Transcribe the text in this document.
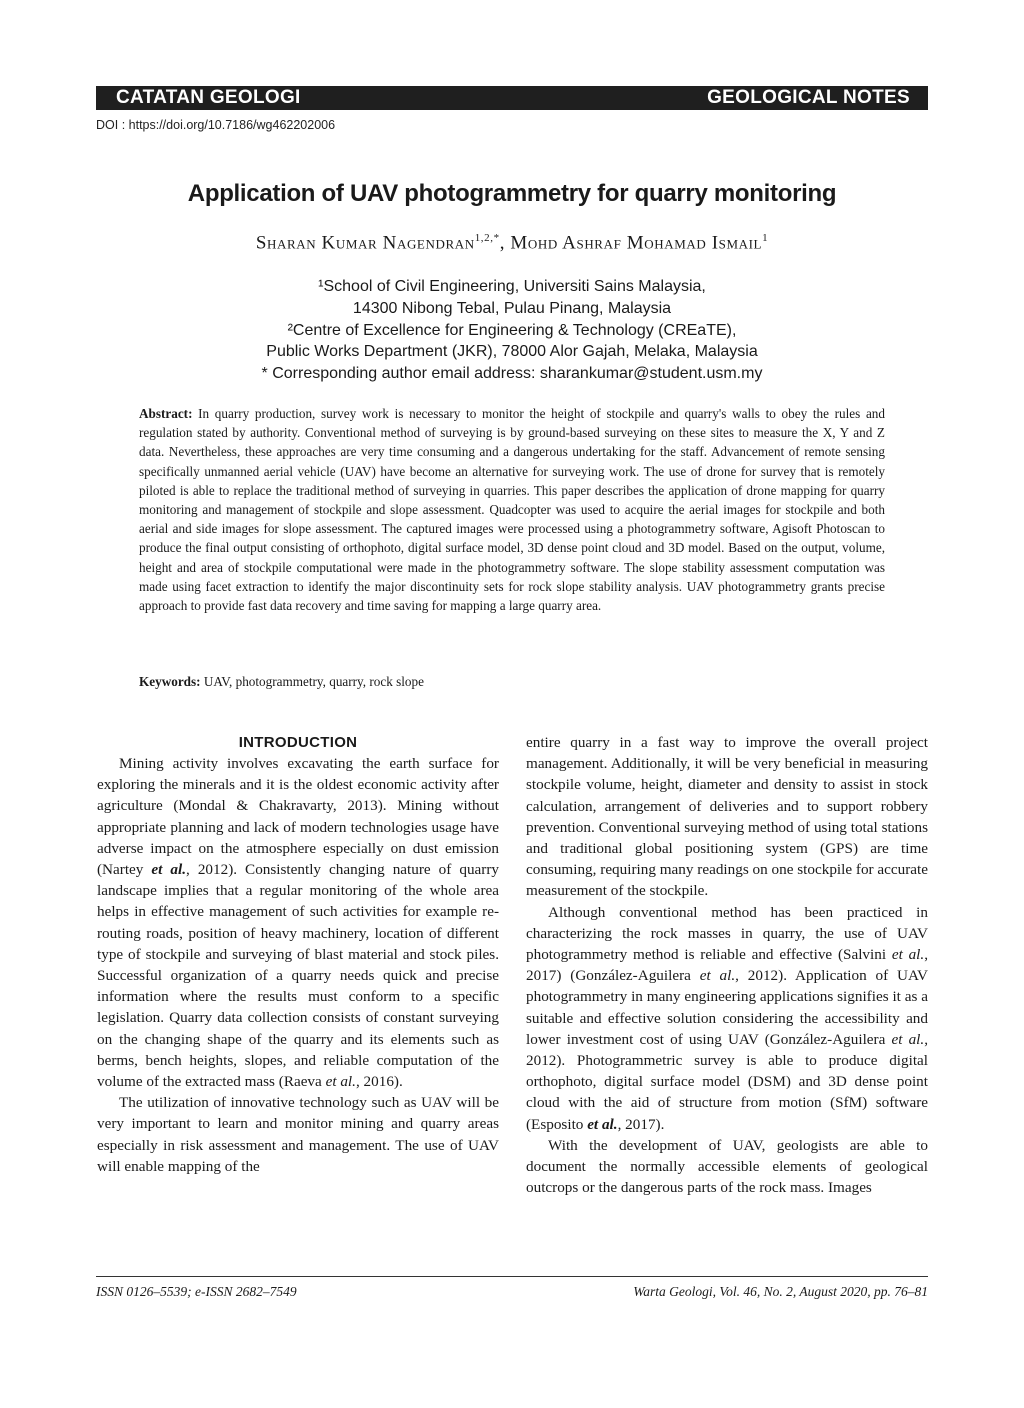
CATATAN GEOLOGI	GEOLOGICAL NOTES
DOI : https://doi.org/10.7186/wg462202006
Application of UAV photogrammetry for quarry monitoring
Sharan Kumar Nagendran$^{1,2,*}$, Mohd Ashraf Mohamad Ismail$^1$
¹School of Civil Engineering, Universiti Sains Malaysia,
14300 Nibong Tebal, Pulau Pinang, Malaysia
²Centre of Excellence for Engineering & Technology (CREaTE),
Public Works Department (JKR), 78000 Alor Gajah, Melaka, Malaysia
* Corresponding author email address: sharankumar@student.usm.my
Abstract: In quarry production, survey work is necessary to monitor the height of stockpile and quarry's walls to obey the rules and regulation stated by authority. Conventional method of surveying is by ground-based surveying on these sites to measure the X, Y and Z data. Nevertheless, these approaches are very time consuming and a dangerous undertaking for the staff. Advancement of remote sensing specifically unmanned aerial vehicle (UAV) have become an alternative for surveying work. The use of drone for survey that is remotely piloted is able to replace the traditional method of surveying in quarries. This paper describes the application of drone mapping for quarry monitoring and management of stockpile and slope assessment. Quadcopter was used to acquire the aerial images for stockpile and both aerial and side images for slope assessment. The captured images were processed using a photogrammetry software, Agisoft Photoscan to produce the final output consisting of orthophoto, digital surface model, 3D dense point cloud and 3D model. Based on the output, volume, height and area of stockpile computational were made in the photogrammetry software. The slope stability assessment computation was made using facet extraction to identify the major discontinuity sets for rock slope stability analysis. UAV photogrammetry grants precise approach to provide fast data recovery and time saving for mapping a large quarry area.
Keywords: UAV, photogrammetry, quarry, rock slope
INTRODUCTION

Mining activity involves excavating the earth surface for exploring the minerals and it is the oldest economic activity after agriculture (Mondal & Chakravarty, 2013). Mining without appropriate planning and lack of modern technologies usage have adverse impact on the atmosphere especially on dust emission (Nartey et al., 2012). Consistently changing nature of quarry landscape implies that a regular monitoring of the whole area helps in effective management of such activities for example re-routing roads, position of heavy machinery, location of different type of stockpile and surveying of blast material and stock piles. Successful organization of a quarry needs quick and precise information where the results must conform to a specific legislation. Quarry data collection consists of constant surveying on the changing shape of the quarry and its elements such as berms, bench heights, slopes, and reliable computation of the volume of the extracted mass (Raeva et al., 2016).

The utilization of innovative technology such as UAV will be very important to learn and monitor mining and quarry areas especially in risk assessment and management. The use of UAV will enable mapping of the

entire quarry in a fast way to improve the overall project management. Additionally, it will be very beneficial in measuring stockpile volume, height, diameter and density to assist in stock calculation, arrangement of deliveries and to support robbery prevention. Conventional surveying method of using total stations and traditional global positioning system (GPS) are time consuming, requiring many readings on one stockpile for accurate measurement of the stockpile.

Although conventional method has been practiced in characterizing the rock masses in quarry, the use of UAV photogrammetry method is reliable and effective (Salvini et al., 2017) (González-Aguilera et al., 2012). Application of UAV photogrammetry in many engineering applications signifies it as a suitable and effective solution considering the accessibility and lower investment cost of using UAV (González-Aguilera et al., 2012). Photogrammetric survey is able to produce digital orthophoto, digital surface model (DSM) and 3D dense point cloud with the aid of structure from motion (SfM) software (Esposito et al., 2017).

With the development of UAV, geologists are able to document the normally accessible elements of geological outcrops or the dangerous parts of the rock mass. Images

ISSN 0126–5539; e-ISSN 2682–7549	Warta Geologi, Vol. 46, No. 2, August 2020, pp. 76–81
